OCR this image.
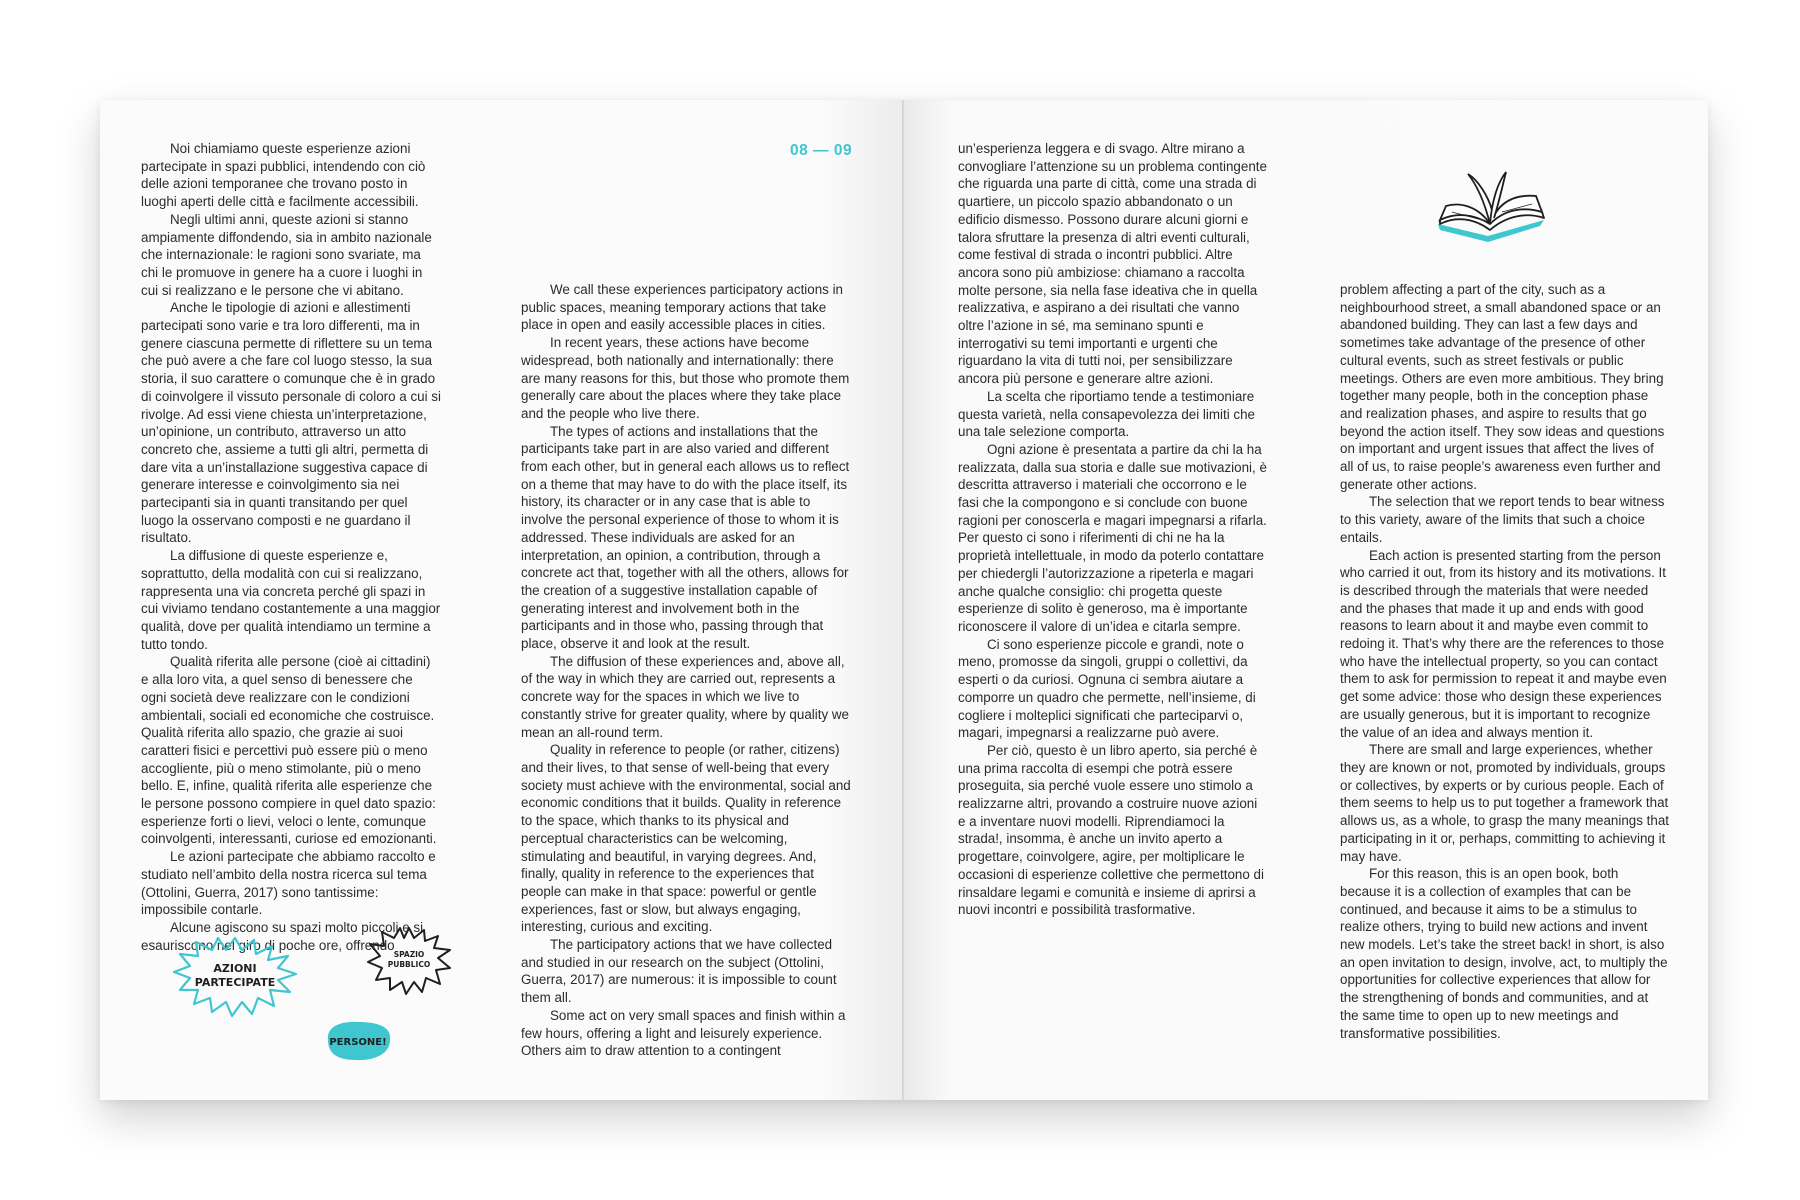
08 — 09

Noi chiamiamo queste esperienze azioni partecipate in spazi pubblici, intendendo con ciò delle azioni temporanee che trovano posto in luoghi aperti delle città e facilmente accessibili.

Negli ultimi anni, queste azioni si stanno ampiamente diffondendo, sia in ambito nazionale che internazionale: le ragioni sono svariate, ma chi le promuove in genere ha a cuore i luoghi in cui si realizzano e le persone che vi abitano.

Anche le tipologie di azioni e allestimenti partecipati sono varie e tra loro differenti, ma in genere ciascuna permette di riflettere su un tema che può avere a che fare col luogo stesso, la sua storia, il suo carattere o comunque che è in grado di coinvolgere il vissuto personale di coloro a cui si rivolge. Ad essi viene chiesta un’interpretazione, un’opinione, un contributo, attraverso un atto concreto che, assieme a tutti gli altri, permetta di dare vita a un’installazione suggestiva capace di generare interesse e coinvolgimento sia nei partecipanti sia in quanti transitando per quel luogo la osservano composti e ne guardano il risultato.

La diffusione di queste esperienze e, soprattutto, della modalità con cui si realizzano, rappresenta una via concreta perché gli spazi in cui viviamo tendano costantemente a una maggior qualità, dove per qualità intendiamo un termine a tutto tondo.

Qualità riferita alle persone (cioè ai cittadini) e alla loro vita, a quel senso di benessere che ogni società deve realizzare con le condizioni ambientali, sociali ed economiche che costruisce. Qualità riferita allo spazio, che grazie ai suoi caratteri fisici e percettivi può essere più o meno accogliente, più o meno stimolante, più o meno bello. E, infine, qualità riferita alle esperienze che le persone possono compiere in quel dato spazio: esperienze forti o lievi, veloci o lente, comunque coinvolgenti, interessanti, curiose ed emozionanti.

Le azioni partecipate che abbiamo raccolto e studiato nell’ambito della nostra ricerca sul tema (Ottolini, Guerra, 2017) sono tantissime: impossibile contarle.

Alcune agiscono su spazi molto piccoli e si esauriscono nel giro di poche ore, offrendo

We call these experiences participatory actions in public spaces, meaning temporary actions that take place in open and easily accessible places in cities.

In recent years, these actions have become widespread, both nationally and internationally: there are many reasons for this, but those who promote them generally care about the places where they take place and the people who live there.

The types of actions and installations that the participants take part in are also varied and different from each other, but in general each allows us to reflect on a theme that may have to do with the place itself, its history, its character or in any case that is able to involve the personal experience of those to whom it is addressed. These individuals are asked for an interpretation, an opinion, a contribution, through a concrete act that, together with all the others, allows for the creation of a suggestive installation capable of generating interest and involvement both in the participants and in those who, passing through that place, observe it and look at the result.

The diffusion of these experiences and, above all, of the way in which they are carried out, represents a concrete way for the spaces in which we live to constantly strive for greater quality, where by quality we mean an all-round term.

Quality in reference to people (or rather, citizens) and their lives, to that sense of well-being that every society must achieve with the environmental, social and economic conditions that it builds. Quality in reference to the space, which thanks to its physical and perceptual characteristics can be welcoming, stimulating and beautiful, in varying degrees. And, finally, quality in reference to the experiences that people can make in that space: powerful or gentle experiences, fast or slow, but always engaging, interesting, curious and exciting.

The participatory actions that we have collected and studied in our research on the subject (Ottolini, Guerra, 2017) are numerous: it is impossible to count them all.

Some act on very small spaces and finish within a few hours, offering a light and leisurely experience. Others aim to draw attention to a contingent

AZIONI
PARTECIPATE
SPAZIO
PUBBLICO
PERSONE!

un’esperienza leggera e di svago. Altre mirano a convogliare l’attenzione su un problema contingente che riguarda una parte di città, come una strada di quartiere, un piccolo spazio abbandonato o un edificio dismesso. Possono durare alcuni giorni e talora sfruttare la presenza di altri eventi culturali, come festival di strada o incontri pubblici. Altre ancora sono più ambiziose: chiamano a raccolta molte persone, sia nella fase ideativa che in quella realizzativa, e aspirano a dei risultati che vanno oltre l’azione in sé, ma seminano spunti e interrogativi su temi importanti e urgenti che riguardano la vita di tutti noi, per sensibilizzare ancora più persone e generare altre azioni.

La scelta che riportiamo tende a testimoniare questa varietà, nella consapevolezza dei limiti che una tale selezione comporta.

Ogni azione è presentata a partire da chi la ha realizzata, dalla sua storia e dalle sue motivazioni, è descritta attraverso i materiali che occorrono e le fasi che la compongono e si conclude con buone ragioni per conoscerla e magari impegnarsi a rifarla. Per questo ci sono i riferimenti di chi ne ha la proprietà intellettuale, in modo da poterlo contattare per chiedergli l’autorizzazione a ripeterla e magari anche qualche consiglio: chi progetta queste esperienze di solito è generoso, ma è importante riconoscere il valore di un’idea e citarla sempre.

Ci sono esperienze piccole e grandi, note o meno, promosse da singoli, gruppi o collettivi, da esperti o da curiosi. Ognuna ci sembra aiutare a comporre un quadro che permette, nell’insieme, di cogliere i molteplici significati che parteciparvi o, magari, impegnarsi a realizzarne può avere.

Per ciò, questo è un libro aperto, sia perché è una prima raccolta di esempi che potrà essere proseguita, sia perché vuole essere uno stimolo a realizzarne altri, provando a costruire nuove azioni e a inventare nuovi modelli. Riprendiamoci la strada!, insomma, è anche un invito aperto a progettare, coinvolgere, agire, per moltiplicare le occasioni di esperienze collettive che permettono di rinsaldare legami e comunità e insieme di aprirsi a nuovi incontri e possibilità trasformative.

problem affecting a part of the city, such as a neighbourhood street, a small abandoned space or an abandoned building. They can last a few days and sometimes take advantage of the presence of other cultural events, such as street festivals or public meetings. Others are even more ambitious. They bring together many people, both in the conception phase and realization phases, and aspire to results that go beyond the action itself. They sow ideas and questions on important and urgent issues that affect the lives of all of us, to raise people’s awareness even further and generate other actions.

The selection that we report tends to bear witness to this variety, aware of the limits that such a choice entails.

Each action is presented starting from the person who carried it out, from its history and its motivations. It is described through the materials that were needed and the phases that made it up and ends with good reasons to learn about it and maybe even commit to redoing it. That’s why there are the references to those who have the intellectual property, so you can contact them to ask for permission to repeat it and maybe even get some advice: those who design these experiences are usually generous, but it is important to recognize the value of an idea and always mention it.

There are small and large experiences, whether they are known or not, promoted by individuals, groups or collectives, by experts or by curious people. Each of them seems to help us to put together a framework that allows us, as a whole, to grasp the many meanings that participating in it or, perhaps, committing to achieving it may have.

For this reason, this is an open book, both because it is a collection of examples that can be continued, and because it aims to be a stimulus to realize others, trying to build new actions and invent new models. Let’s take the street back! in short, is also an open invitation to design, involve, act, to multiply the opportunities for collective experiences that allow for the strengthening of bonds and communities, and at the same time to open up to new meetings and transformative possibilities.
